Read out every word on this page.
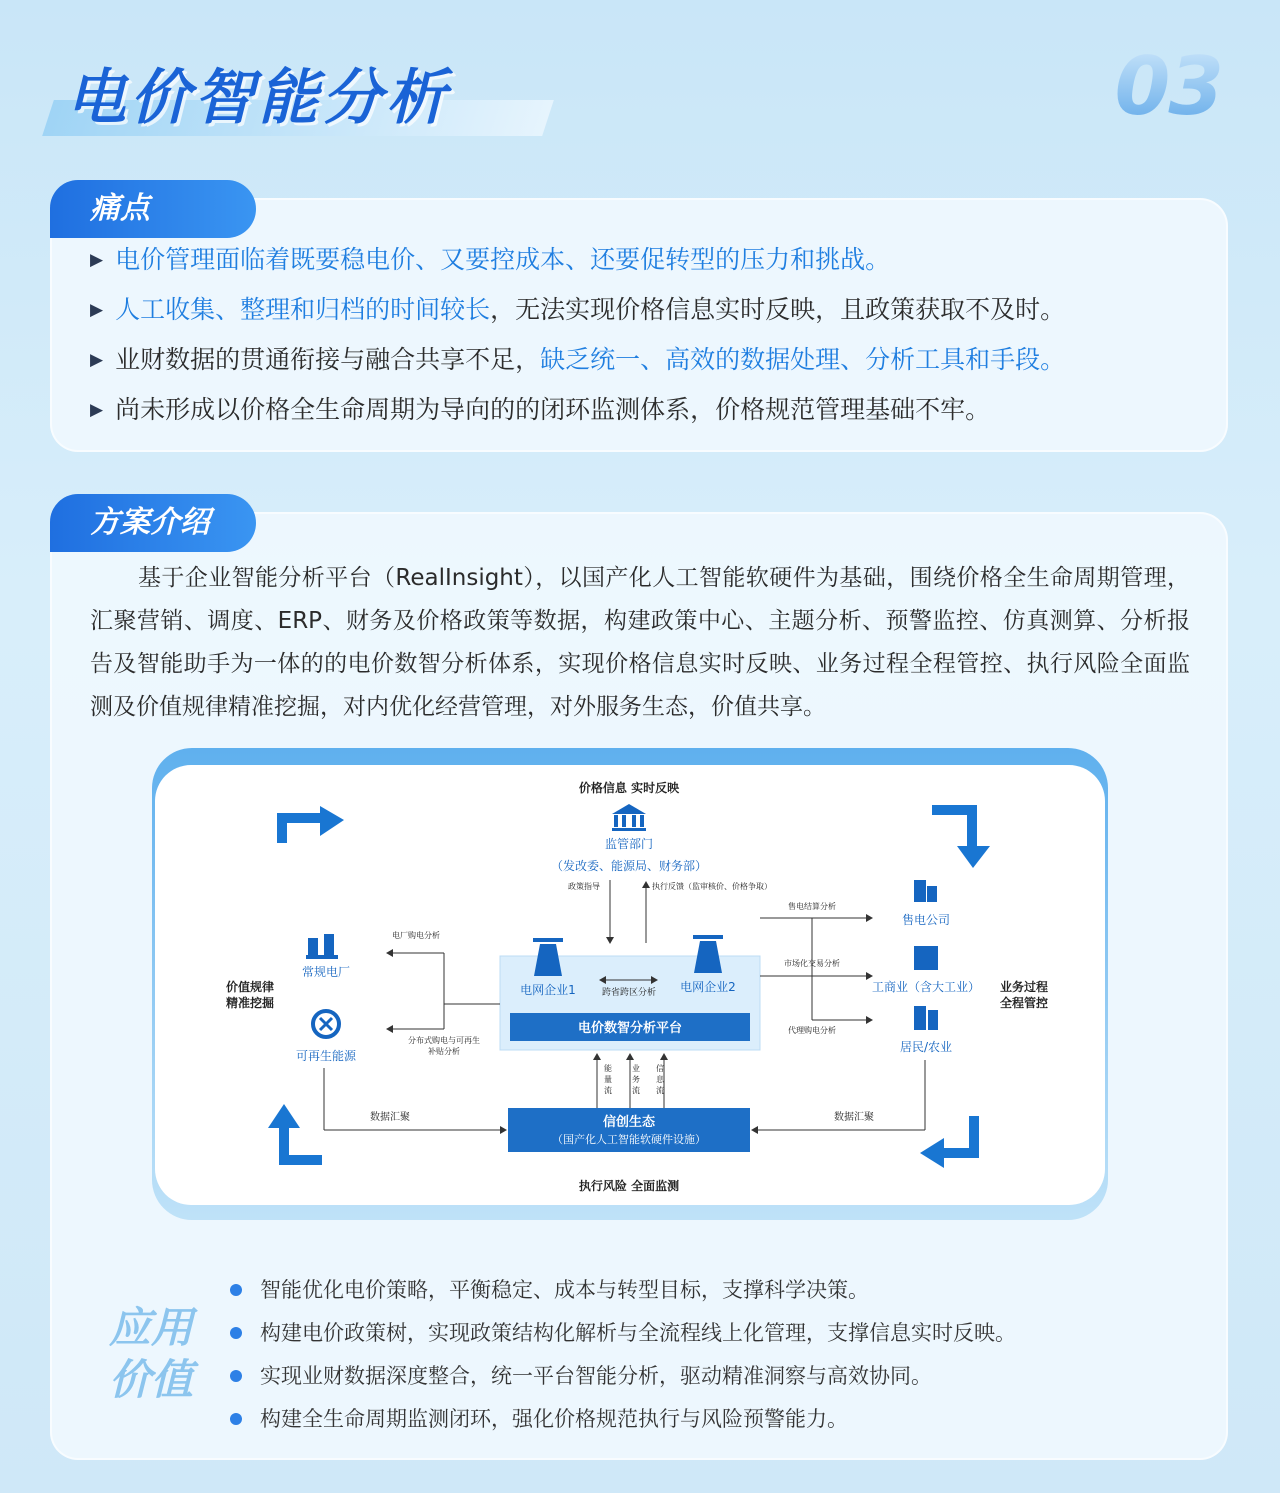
电价智能分析	03
痛点
▶ 电价管理面临着既要稳电价、又要控成本、还要促转型的压力和挑战。
▶ 人工收集、整理和归档的时间较长，无法实现价格信息实时反映，且政策获取不及时。
▶ 业财数据的贯通衔接与融合共享不足，缺乏统一、高效的数据处理、分析工具和手段。
▶ 尚未形成以价格全生命周期为导向的的闭环监测体系，价格规范管理基础不牢。
方案介绍
基于企业智能分析平台（RealInsight），以国产化人工智能软硬件为基础，围绕价格全生命周期管理，汇聚营销、调度、ERP、财务及价格政策等数据，构建政策中心、主题分析、预警监控、仿真测算、分析报告及智能助手为一体的的电价数智分析体系，实现价格信息实时反映、业务过程全程管控、执行风险全面监测及价值规律精准挖掘，对内优化经营管理，对外服务生态，价值共享。
价格信息 实时反映
执行风险 全面监测
监管部门
（发改委、能源局、财务部）
政策指导	执行反馈（监审核价、价格争取）
电网企业1	电网企业2
跨省跨区分析
电价数智分析平台
常规电厂
可再生能源
价值规律
精准挖掘
电厂购电分析
分布式购电与可再生
补贴分析
售电结算分析
市场化交易分析
代理购电分析
售电公司
工商业（含大工业）
居民/农业
业务过程
全程管控
能
量
流
业
务
流
信
息
流
信创生态
（国产化人工智能软硬件设施）
数据汇聚	数据汇聚
应用
价值
智能优化电价策略，平衡稳定、成本与转型目标，支撑科学决策。
构建电价政策树，实现政策结构化解析与全流程线上化管理，支撑信息实时反映。
实现业财数据深度整合，统一平台智能分析，驱动精准洞察与高效协同。
构建全生命周期监测闭环，强化价格规范执行与风险预警能力。
